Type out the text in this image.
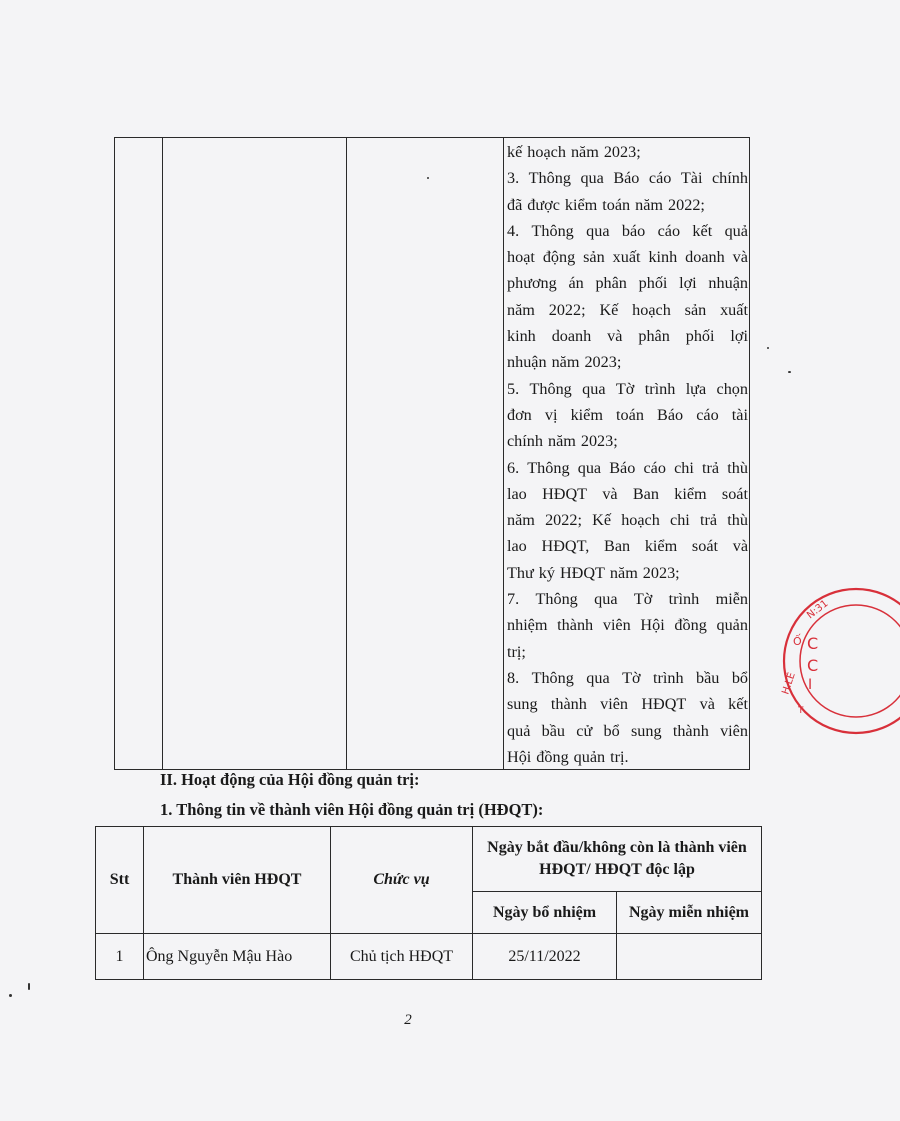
kế hoạch năm 2023;
3. Thông qua Báo cáo Tài chính
đã được kiểm toán năm 2022;
4. Thông qua báo cáo kết quả
hoạt động sản xuất kinh doanh và
phương án phân phối lợi nhuận
năm 2022; Kế hoạch sản xuất
kinh doanh và phân phối lợi
nhuận năm 2023;
5. Thông qua Tờ trình lựa chọn
đơn vị kiểm toán Báo cáo tài
chính năm 2023;
6. Thông qua Báo cáo chi trả thù
lao HĐQT và Ban kiểm soát
năm 2022; Kế hoạch chi trả thù
lao HĐQT, Ban kiểm soát và
Thư ký HĐQT năm 2023;
7. Thông qua Tờ trình miễn
nhiệm thành viên Hội đồng quản
trị;
8. Thông qua Tờ trình bầu bổ
sung thành viên HĐQT và kết
quả bầu cử bổ sung thành viên
Hội đồng quản trị.
II. Hoạt động của Hội đồng quản trị:
1. Thông tin về thành viên Hội đồng quản trị (HĐQT):
Stt	Thành viên HĐQT	Chức vụ	Ngày bắt đầu/không còn là thành viên HĐQT/ HĐQT độc lập	
			Ngày bổ nhiệm	Ngày miễn nhiệm
1	Ông Nguyễn Mậu Hào	Chủ tịch HĐQT	25/11/2022	
2
N:31
H.LÊ
Ố C
C
I
T
